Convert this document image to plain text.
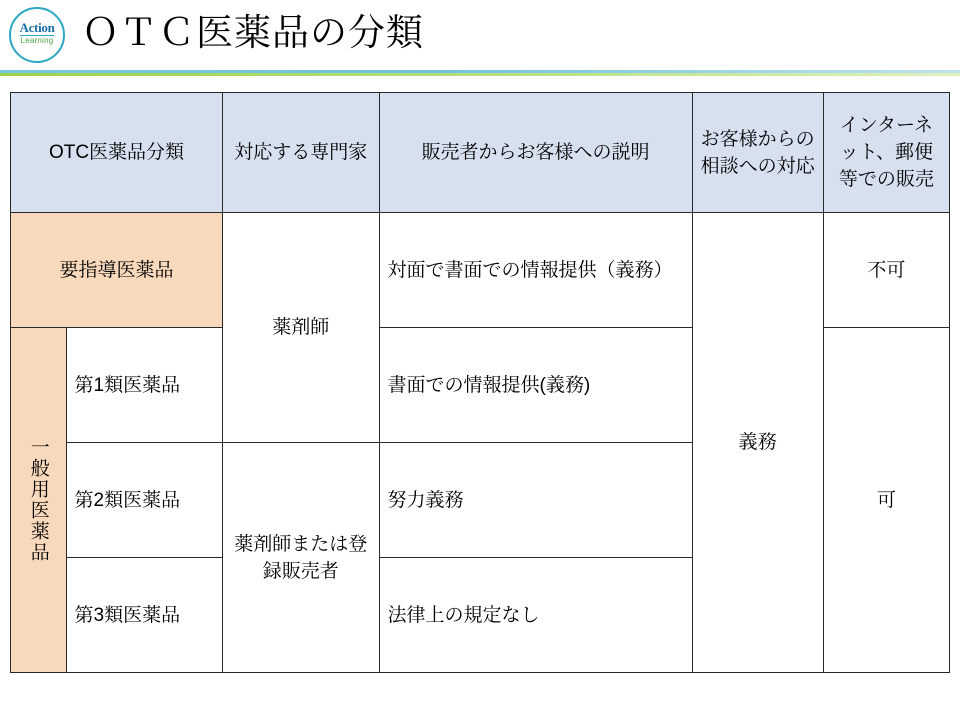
Action
Learning ＯＴＣ医薬品の分類
OTC医薬品分類		対応する専門家	販売者からお客様への説明	お客様からの相談への対応	インターネット、郵便等での販売
要指導医薬品		薬剤師	対面で書面での情報提供（義務）	義務	不可
一般用医薬品	第1類医薬品		書面での情報提供(義務)		可
	第2類医薬品	薬剤師または登録販売者	努力義務		
	第3類医薬品		法律上の規定なし		
